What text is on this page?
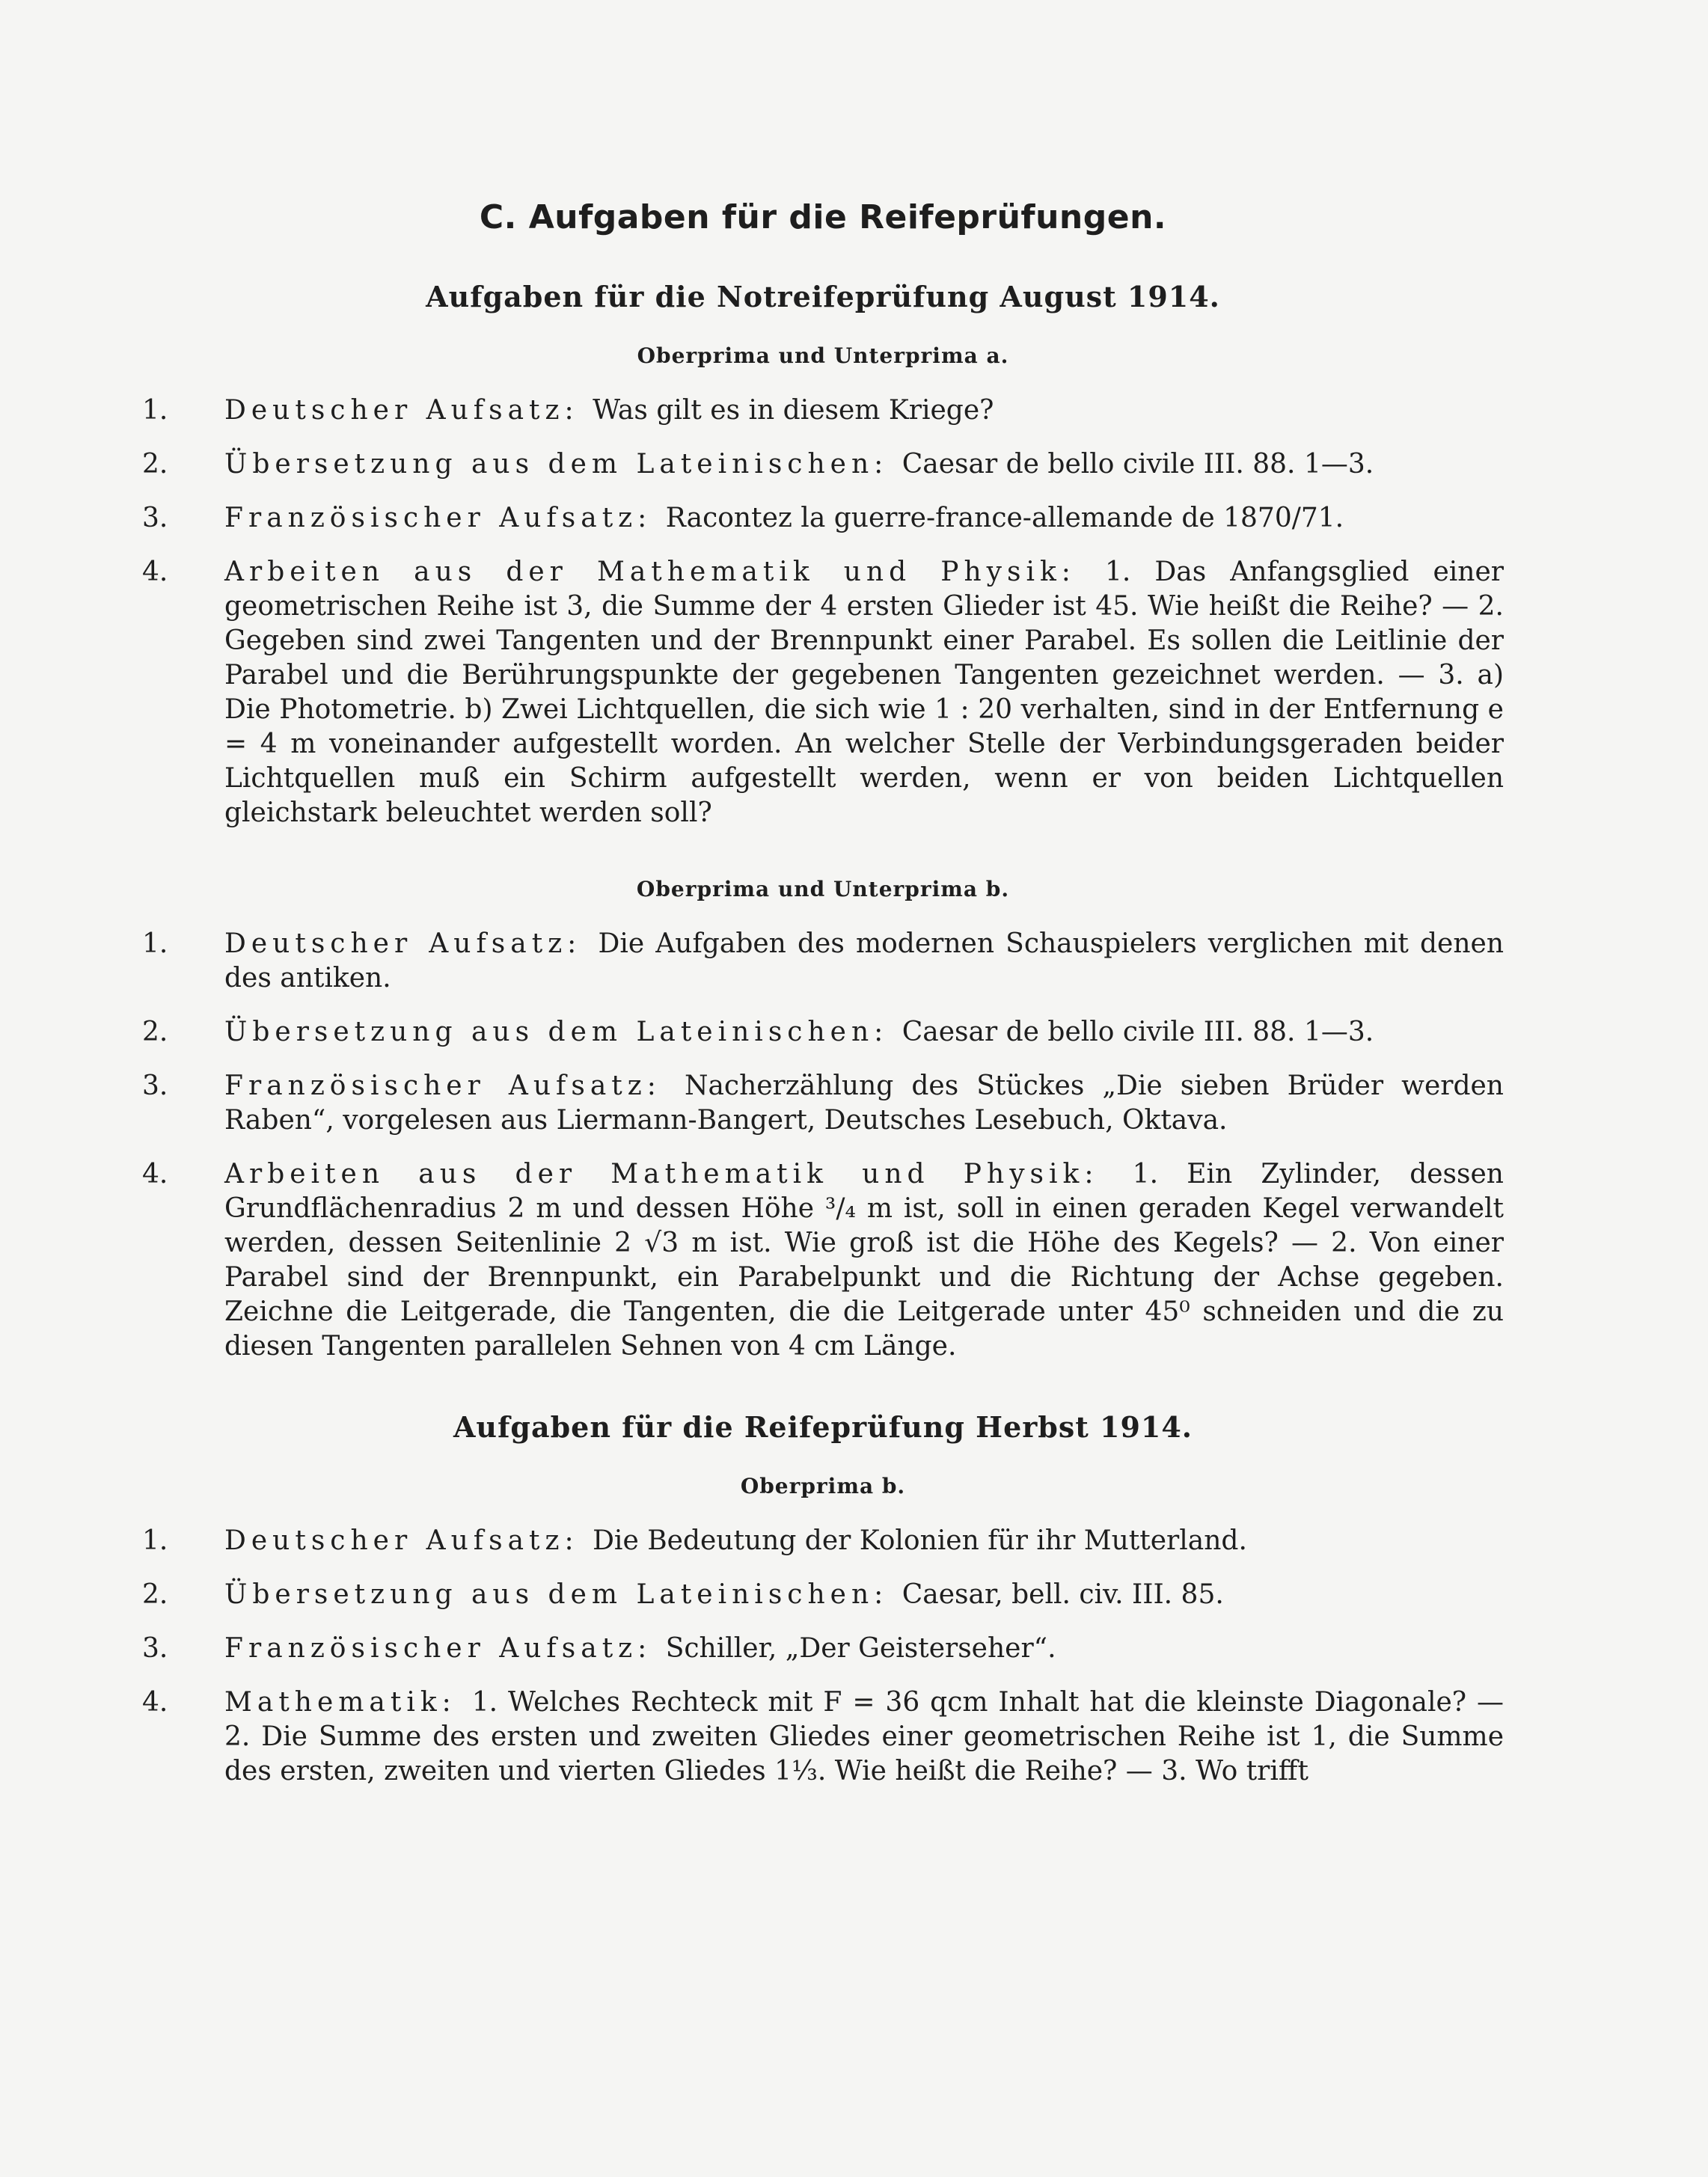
C. Aufgaben für die Reifeprüfungen.
Aufgaben für die Notreifeprüfung August 1914.
Oberprima und Unterprima a.
1. Deutscher Aufsatz: Was gilt es in diesem Kriege?
2. Übersetzung aus dem Lateinischen: Caesar de bello civile III. 88. 1—3.
3. Französischer Aufsatz: Racontez la guerre-france-allemande de 1870/71.
4. Arbeiten aus der Mathematik und Physik: 1. Das Anfangsglied einer geometrischen Reihe ist 3, die Summe der 4 ersten Glieder ist 45. Wie heißt die Reihe? — 2. Gegeben sind zwei Tangenten und der Brennpunkt einer Parabel. Es sollen die Leitlinie der Parabel und die Berührungspunkte der gegebenen Tangenten gezeichnet werden. — 3. a) Die Photometrie. b) Zwei Lichtquellen, die sich wie 1 : 20 verhalten, sind in der Entfernung e = 4 m voneinander aufgestellt worden. An welcher Stelle der Verbindungsgeraden beider Lichtquellen muß ein Schirm aufgestellt werden, wenn er von beiden Lichtquellen gleichstark beleuchtet werden soll?
Oberprima und Unterprima b.
1. Deutscher Aufsatz: Die Aufgaben des modernen Schauspielers verglichen mit denen des antiken.
2. Übersetzung aus dem Lateinischen: Caesar de bello civile III. 88. 1—3.
3. Französischer Aufsatz: Nacherzählung des Stückes „Die sieben Brüder werden Raben“, vorgelesen aus Liermann-Bangert, Deutsches Lesebuch, Oktava.
4. Arbeiten aus der Mathematik und Physik: 1. Ein Zylinder, dessen Grundflächenradius 2 m und dessen Höhe ³/₄ m ist, soll in einen geraden Kegel verwandelt werden, dessen Seitenlinie 2 √3 m ist. Wie groß ist die Höhe des Kegels? — 2. Von einer Parabel sind der Brennpunkt, ein Parabelpunkt und die Richtung der Achse gegeben. Zeichne die Leitgerade, die Tangenten, die die Leitgerade unter 45⁰ schneiden und die zu diesen Tangenten parallelen Sehnen von 4 cm Länge.
Aufgaben für die Reifeprüfung Herbst 1914.
Oberprima b.
1. Deutscher Aufsatz: Die Bedeutung der Kolonien für ihr Mutterland.
2. Übersetzung aus dem Lateinischen: Caesar, bell. civ. III. 85.
3. Französischer Aufsatz: Schiller, „Der Geisterseher“.
4. Mathematik: 1. Welches Rechteck mit F = 36 qcm Inhalt hat die kleinste Diagonale? — 2. Die Summe des ersten und zweiten Gliedes einer geometrischen Reihe ist 1, die Summe des ersten, zweiten und vierten Gliedes 1¹⁄₃. Wie heißt die Reihe? — 3. Wo trifft
